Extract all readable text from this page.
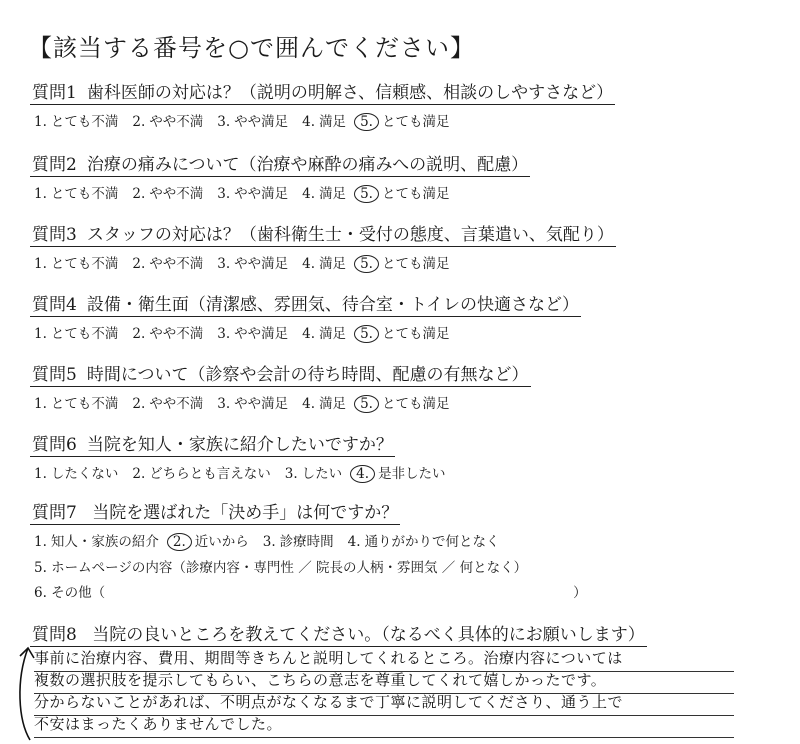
【該当する番号を○で囲んでください】
質問1 歯科医師の対応は？（説明の明解さ、信頼感、相談のしやすさなど）
1. とても不満 2. やや不満 3. やや満足 4. 満足 5. とても満足
質問2 治療の痛みについて（治療や麻酔の痛みへの説明、配慮）
1. とても不満 2. やや不満 3. やや満足 4. 満足 5. とても満足
質問3 スタッフの対応は？（歯科衛生士・受付の態度、言葉遣い、気配り）
1. とても不満 2. やや不満 3. やや満足 4. 満足 5. とても満足
質問4 設備・衛生面（清潔感、雰囲気、待合室・トイレの快適さなど）
1. とても不満 2. やや不満 3. やや満足 4. 満足 5. とても満足
質問5 時間について（診察や会計の待ち時間、配慮の有無など）
1. とても不満 2. やや不満 3. やや満足 4. 満足 5. とても満足
質問6 当院を知人・家族に紹介したいですか？
1. したくない 2. どちらとも言えない 3. したい 4. 是非したい
質問7 当院を選ばれた「決め手」は何ですか？
1. 知人・家族の紹介 2. 近いから 3. 診療時間 4. 通りがかりで何となく
5. ホームページの内容（診療内容・専門性 ／ 院長の人柄・雰囲気 ／ 何となく）
6. その他（	）
質問8 当院の良いところを教えてください。（なるべく具体的にお願いします）
事前に治療内容、費用、期間等きちんと説明してくれるところ。治療内容については
複数の選択肢を提示してもらい、こちらの意志を尊重してくれて嬉しかったです。
分からないことがあれば、不明点がなくなるまで丁寧に説明してくださり、通う上で
不安はまったくありませんでした。
